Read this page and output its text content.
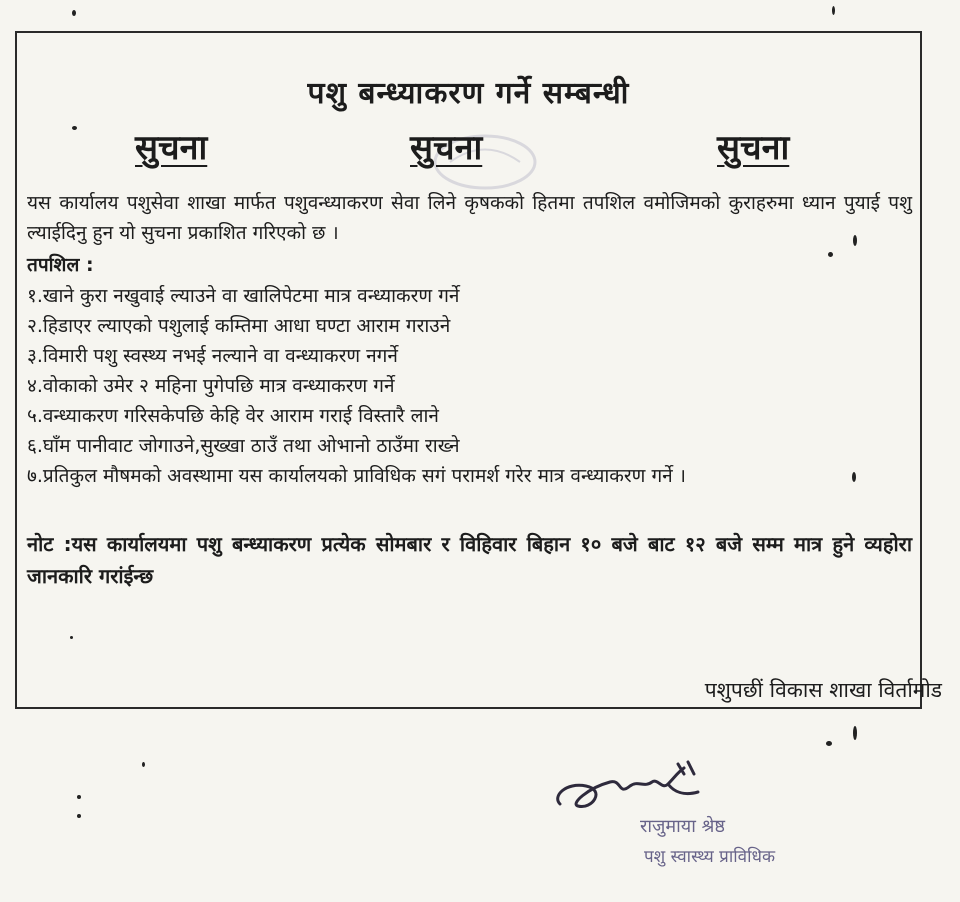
पशु बन्ध्याकरण गर्ने सम्बन्धी
सुचना	सुचना	सुचना
यस कार्यालय पशुसेवा शाखा मार्फत पशुवन्ध्याकरण सेवा लिने कृषकको हितमा तपशिल वमोजिमको कुराहरुमा ध्यान पुयाई पशु ल्याईदिनु हुन यो सुचना प्रकाशित गरिएको छ ।
तपशिल :
१.खाने कुरा नखुवाई ल्याउने वा खालिपेटमा मात्र वन्ध्याकरण गर्ने
२.हिडाएर ल्याएको पशुलाई कम्तिमा आधा घण्टा आराम गराउने
३.विमारी पशु स्वस्थ्य नभई नल्याने वा वन्ध्याकरण नगर्ने
४.वोकाको उमेर २ महिना पुगेपछि मात्र वन्ध्याकरण गर्ने
५.वन्ध्याकरण गरिसकेपछि केहि वेर आराम गराई विस्तारै लाने
६.घाँम पानीवाट जोगाउने,सुख्खा ठाउँ तथा ओभानो ठाउँमा राख्ने
७.प्रतिकुल मौषमको अवस्थामा यस कार्यालयको प्राविधिक सगं परामर्श गरेर मात्र वन्ध्याकरण गर्ने ।
नोट :यस कार्यालयमा पशु बन्ध्याकरण प्रत्येक सोमबार र विहिवार बिहान १० बजे बाट १२ बजे सम्म मात्र हुने व्यहोरा जानकारि गरांईन्छ
पशुपछीं विकास शाखा विर्तामोड
राजुमाया श्रेष्ठ
पशु स्वास्थ्य प्राविधिक
